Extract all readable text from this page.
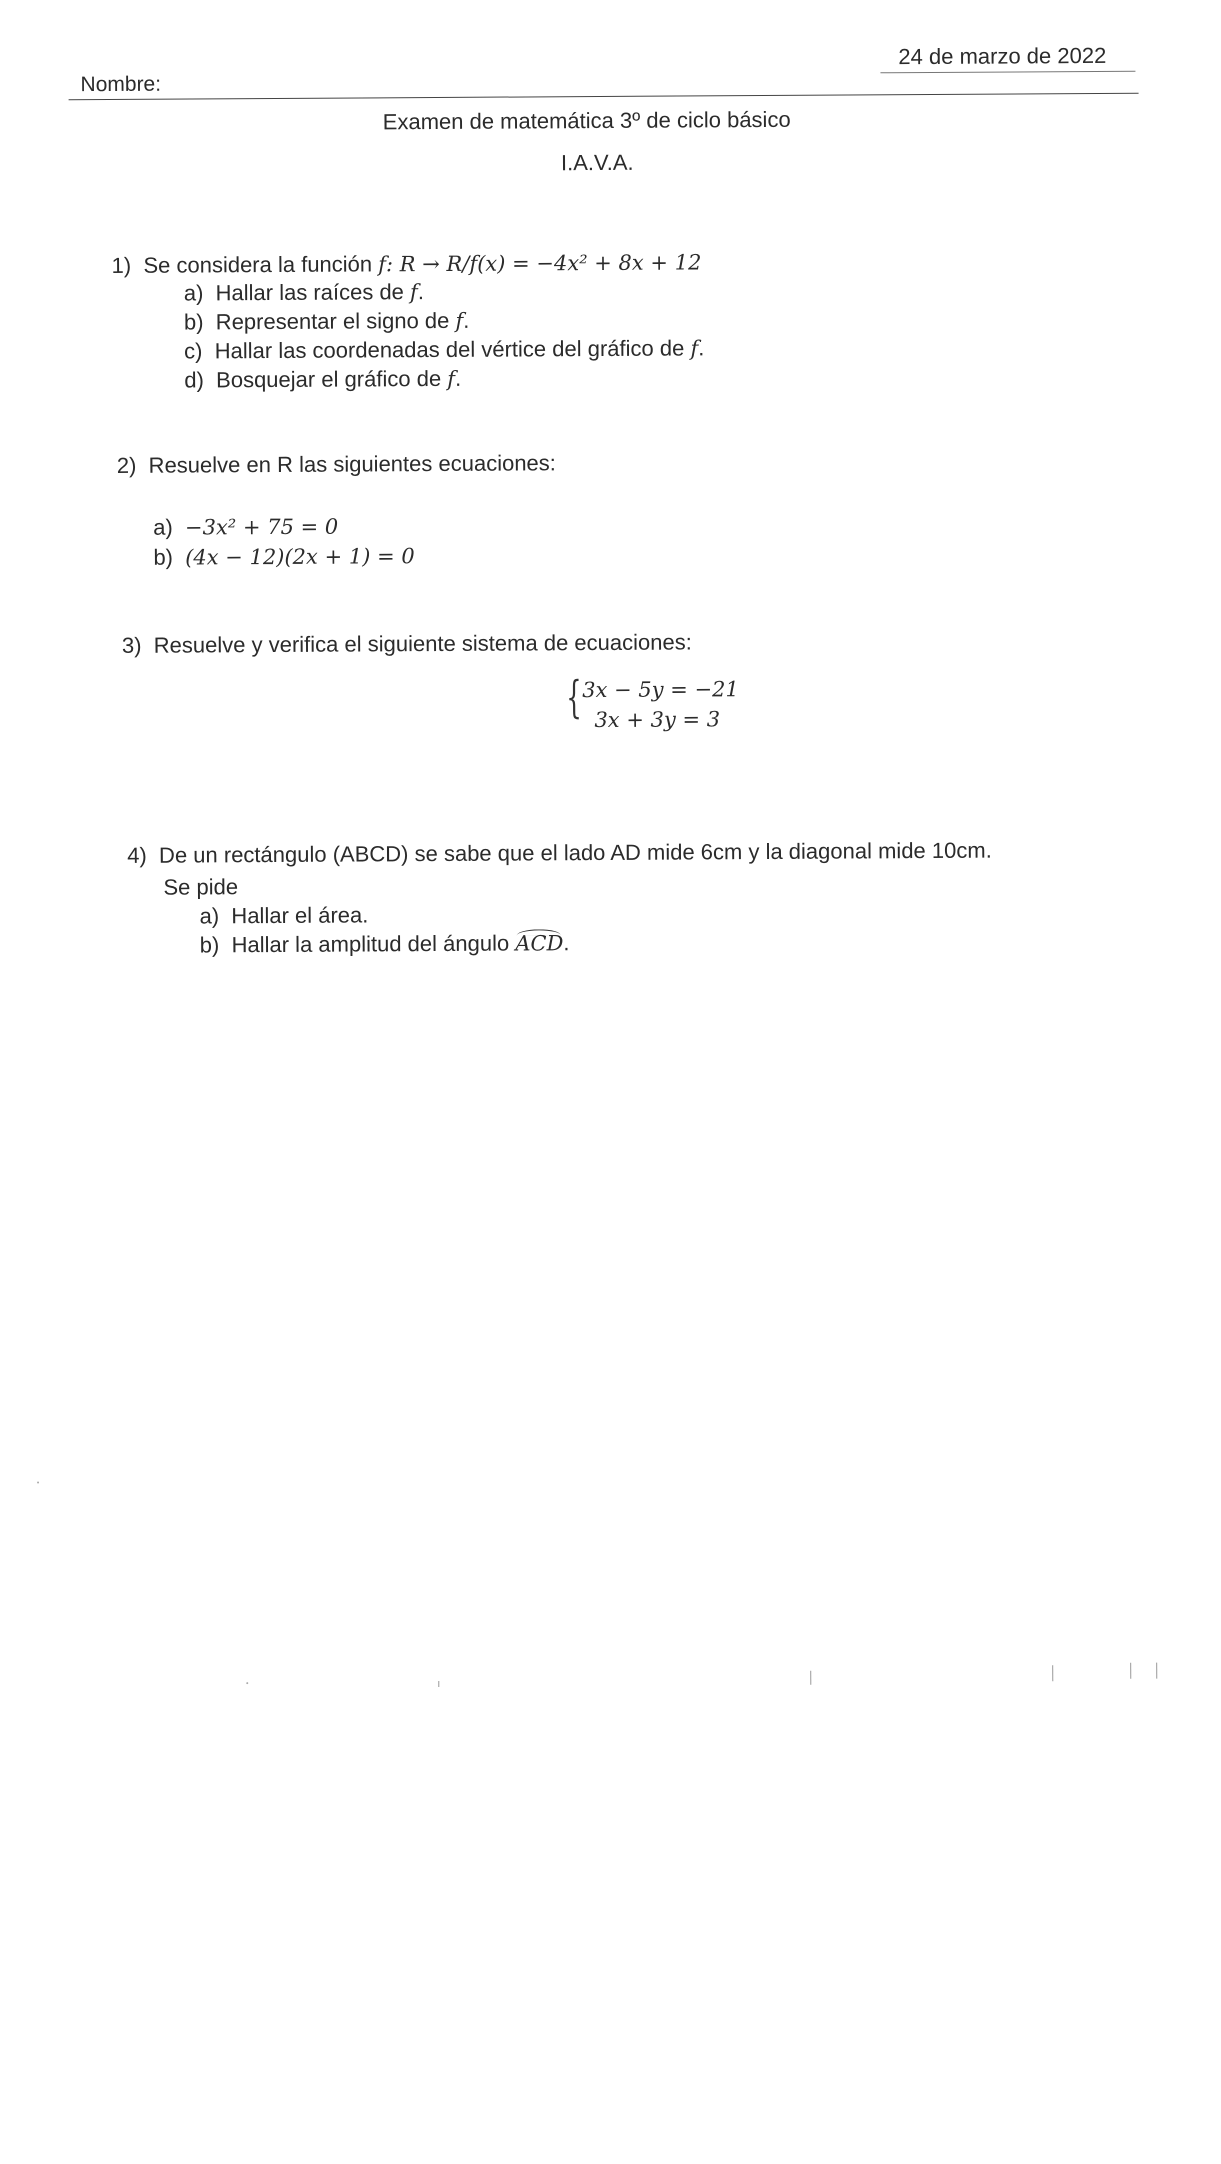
24 de marzo de 2022
Nombre:
Examen de matemática 3º de ciclo básico
I.A.V.A.
1) Se considera la función f: R → R/f(x) = −4x² + 8x + 12
a) Hallar las raíces de f.
b) Representar el signo de f.
c) Hallar las coordenadas del vértice del gráfico de f.
d) Bosquejar el gráfico de f.
2) Resuelve en R las siguientes ecuaciones:
a) −3x² + 75 = 0
b) (4x − 12)(2x + 1) = 0
3) Resuelve y verifica el siguiente sistema de ecuaciones:
{ 3x − 5y = −21
3x + 3y = 3
4) De un rectángulo (ABCD) se sabe que el lado AD mide 6cm y la diagonal mide 10cm.
Se pide
a) Hallar el área.
b) Hallar la amplitud del ángulo ACD.
